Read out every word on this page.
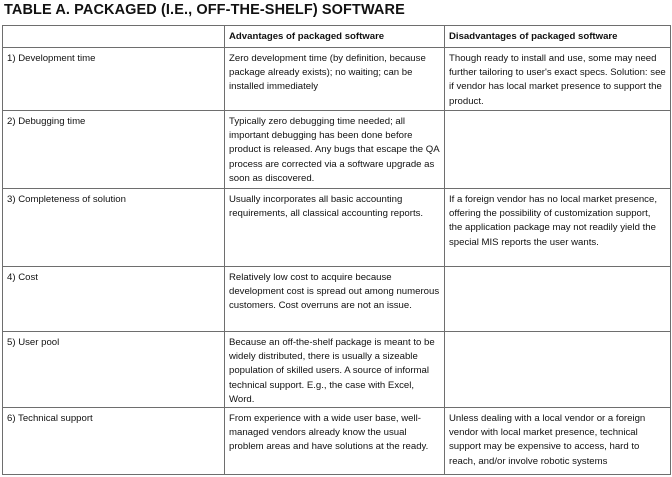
TABLE A. PACKAGED (I.E., OFF-THE-SHELF) SOFTWARE
	Advantages of packaged software	Disadvantages of packaged software
1) Development time	Zero development time (by definition, because package already exists); no waiting; can be installed immediately	Though ready to install and use, some may need further tailoring to user's exact specs. Solution: see if vendor has local market presence to support the product.
2) Debugging time	Typically zero debugging time needed; all important debugging has been done before product is released. Any bugs that escape the QA process are corrected via a software upgrade as soon as discovered.	
3) Completeness of solution	Usually incorporates all basic accounting requirements, all classical accounting reports.	If a foreign vendor has no local market presence, offering the possibility of customization support, the application package may not readily yield the special MIS reports the user wants.
4) Cost	Relatively low cost to acquire because development cost is spread out among numerous customers. Cost overruns are not an issue.	
5) User pool	Because an off-the-shelf package is meant to be widely distributed, there is usually a sizeable population of skilled users. A source of informal technical support. E.g., the case with Excel, Word.	
6) Technical support	From experience with a wide user base, well-managed vendors already know the usual problem areas and have solutions at the ready.	Unless dealing with a local vendor or a foreign vendor with local market presence, technical support may be expensive to access, hard to reach, and/or involve robotic systems
